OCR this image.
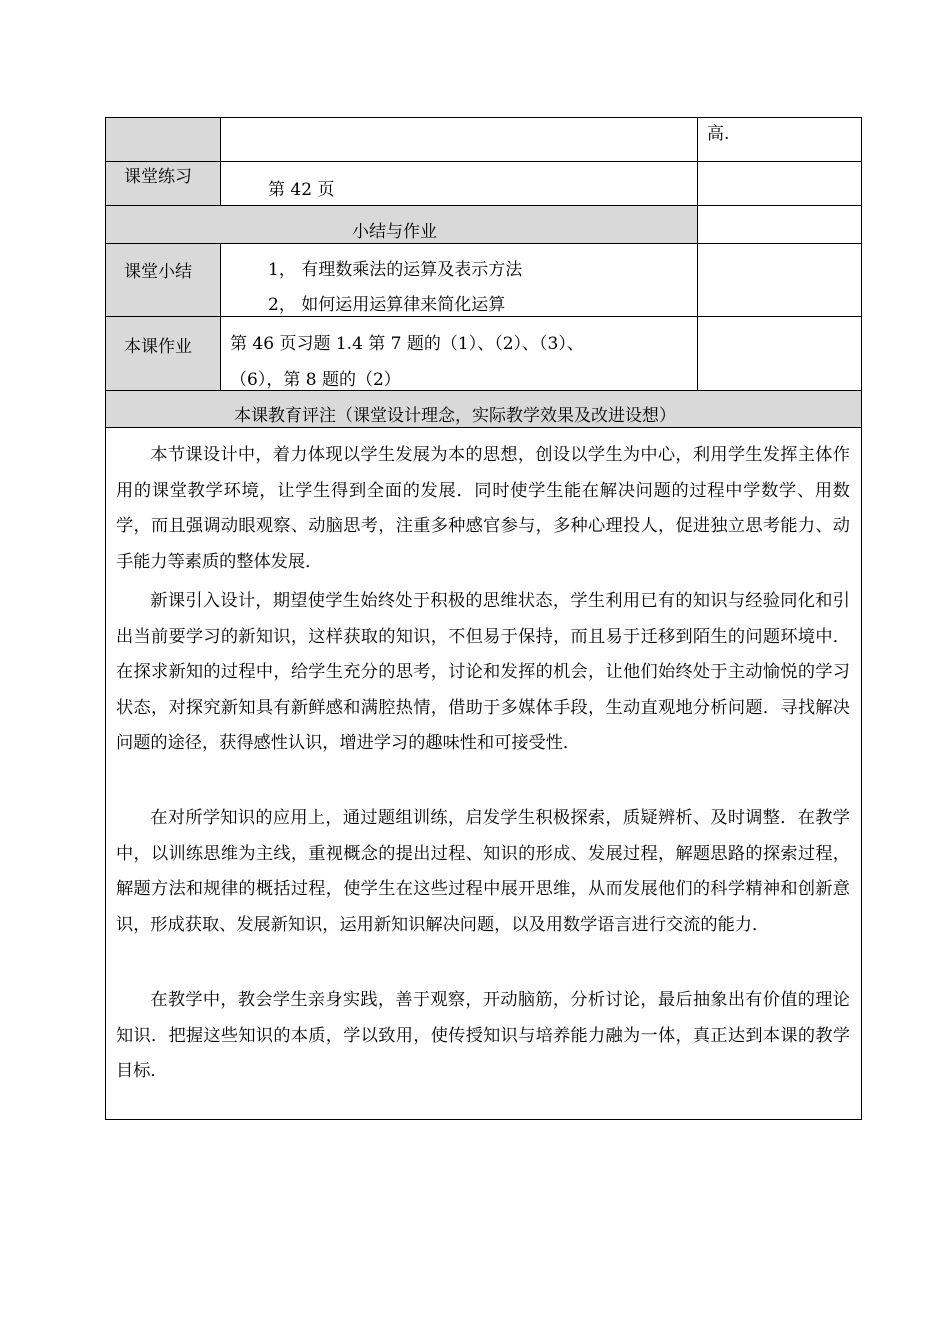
高.
课堂练习
第 42 页
小结与作业
课堂小结	1， 有理数乘法的运算及表示方法
2， 如何运用运算律来简化运算
本课作业 第 46 页习题 1.4 第 7 题的（1）、（2）、（3）、
（6），第 8 题的（2）
本课教育评注（课堂设计理念，实际教学效果及改进设想）
本节课设计中，着力体现以学生发展为本的思想，创设以学生为中心，利用学生发挥主体作用的课堂教学环境，让学生得到全面的发展．同时使学生能在解决问题的过程中学数学、用数学，而且强调动眼观察、动脑思考，注重多种感官参与，多种心理投人，促进独立思考能力、动手能力等素质的整体发展．
新课引入设计，期望使学生始终处于积极的思维状态，学生利用已有的知识与经验同化和引出当前要学习的新知识，这样获取的知识，不但易于保持，而且易于迁移到陌生的问题环境中．在探求新知的过程中，给学生充分的思考，讨论和发挥的机会，让他们始终处于主动愉悦的学习状态，对探究新知具有新鲜感和满腔热情，借助于多媒体手段，生动直观地分析问题．寻找解决问题的途径，获得感性认识，增进学习的趣味性和可接受性．
在对所学知识的应用上，通过题组训练，启发学生积极探索，质疑辨析、及时调整．在教学中，以训练思维为主线，重视概念的提出过程、知识的形成、发展过程，解题思路的探索过程，解题方法和规律的概括过程，使学生在这些过程中展开思维，从而发展他们的科学精神和创新意识，形成获取、发展新知识，运用新知识解决问题，以及用数学语言进行交流的能力．
在教学中，教会学生亲身实践，善于观察，开动脑筋，分析讨论，最后抽象出有价值的理论知识．把握这些知识的本质，学以致用，使传授知识与培养能力融为一体，真正达到本课的教学目标．
